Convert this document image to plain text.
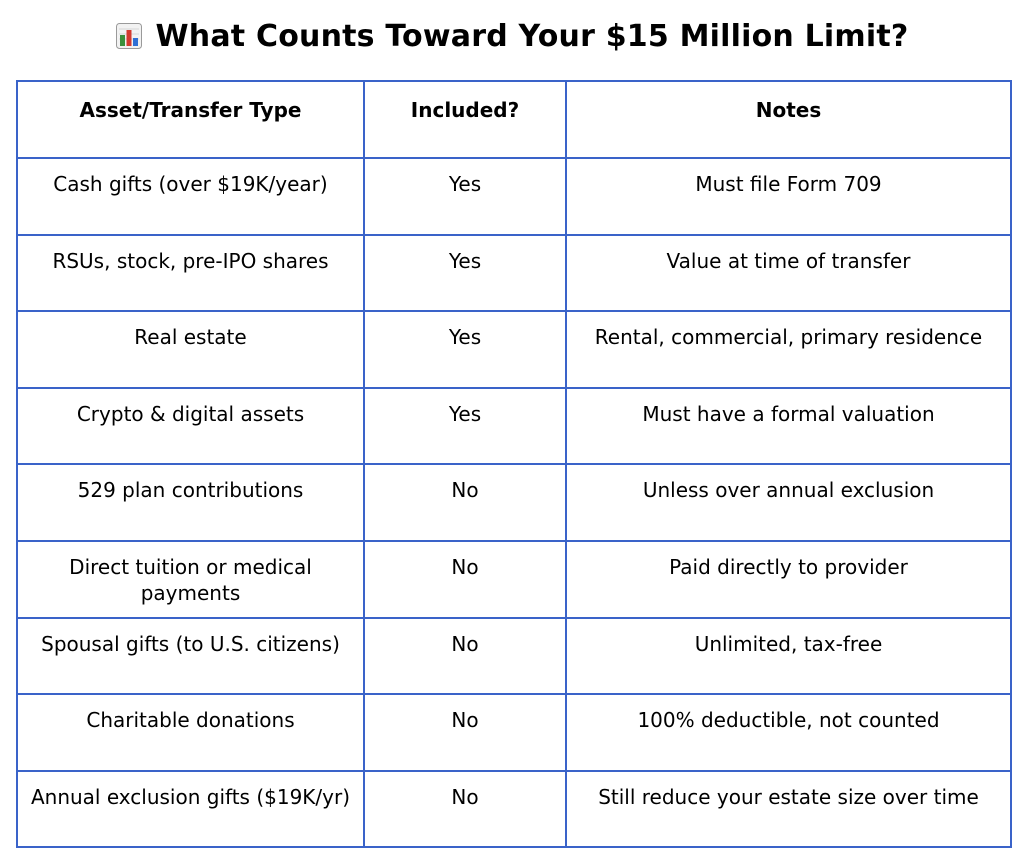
What Counts Toward Your $15 Million Limit?
Asset/Transfer Type	Included?	Notes
Cash gifts (over $19K/year)	Yes	Must file Form 709
RSUs, stock, pre-IPO shares	Yes	Value at time of transfer
Real estate	Yes	Rental, commercial, primary residence
Crypto & digital assets	Yes	Must have a formal valuation
529 plan contributions	No	Unless over annual exclusion
Direct tuition or medical payments	No	Paid directly to provider
Spousal gifts (to U.S. citizens)	No	Unlimited, tax-free
Charitable donations	No	100% deductible, not counted
Annual exclusion gifts ($19K/yr)	No	Still reduce your estate size over time
